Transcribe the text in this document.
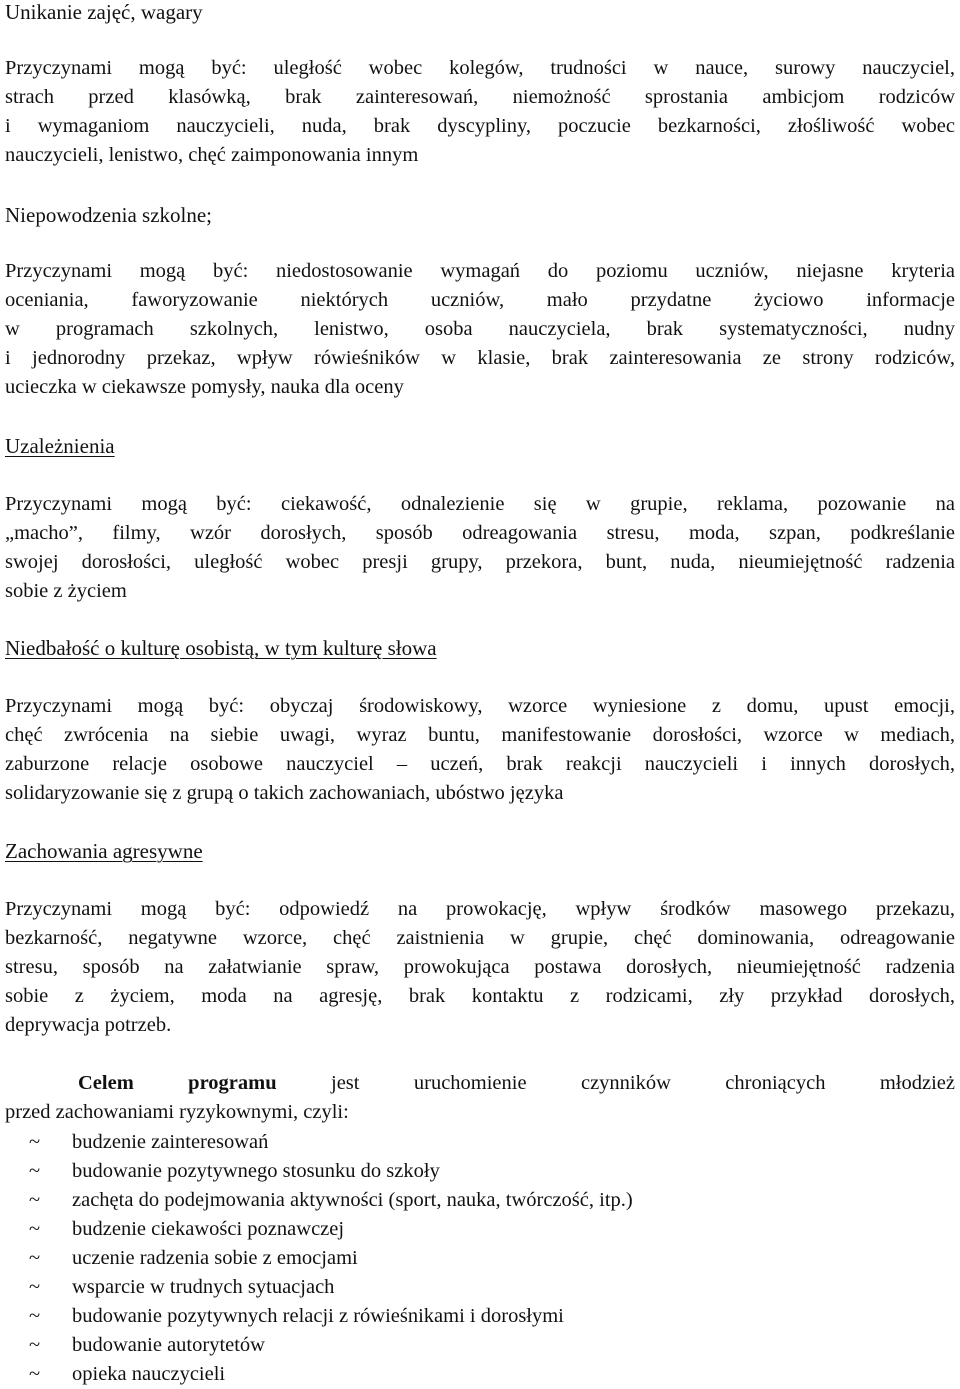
Unikanie zajęć, wagary
Przyczynami mogą być: uległość wobec kolegów, trudności w nauce, surowy nauczyciel,
strach przed klasówką, brak zainteresowań, niemożność sprostania ambicjom rodziców
i wymaganiom nauczycieli, nuda, brak dyscypliny, poczucie bezkarności, złośliwość wobec
nauczycieli, lenistwo, chęć zaimponowania innym
Niepowodzenia szkolne;
Przyczynami mogą być: niedostosowanie wymagań do poziomu uczniów, niejasne kryteria
oceniania, faworyzowanie niektórych uczniów, mało przydatne życiowo informacje
w programach szkolnych, lenistwo, osoba nauczyciela, brak systematyczności, nudny
i jednorodny przekaz, wpływ rówieśników w klasie, brak zainteresowania ze strony rodziców,
ucieczka w ciekawsze pomysły, nauka dla oceny
Uzależnienia
Przyczynami mogą być: ciekawość, odnalezienie się w grupie, reklama, pozowanie na
„macho”, filmy, wzór dorosłych, sposób odreagowania stresu, moda, szpan, podkreślanie
swojej dorosłości, uległość wobec presji grupy, przekora, bunt, nuda, nieumiejętność radzenia
sobie z życiem
Niedbałość o kulturę osobistą, w tym kulturę słowa
Przyczynami mogą być: obyczaj środowiskowy, wzorce wyniesione z domu, upust emocji,
chęć zwrócenia na siebie uwagi, wyraz buntu, manifestowanie dorosłości, wzorce w mediach,
zaburzone relacje osobowe nauczyciel – uczeń, brak reakcji nauczycieli i innych dorosłych,
solidaryzowanie się z grupą o takich zachowaniach, ubóstwo języka
Zachowania agresywne
Przyczynami mogą być: odpowiedź na prowokację, wpływ środków masowego przekazu,
bezkarność, negatywne wzorce, chęć zaistnienia w grupie, chęć dominowania, odreagowanie
stresu, sposób na załatwianie spraw, prowokująca postawa dorosłych, nieumiejętność radzenia
sobie z życiem, moda na agresję, brak kontaktu z rodzicami, zły przykład dorosłych,
deprywacja potrzeb.
Celem programu jest uruchomienie czynników chroniących młodzież
przed zachowaniami ryzykownymi, czyli:
~	budzenie zainteresowań
~	budowanie pozytywnego stosunku do szkoły
~	zachęta do podejmowania aktywności (sport, nauka, twórczość, itp.)
~	budzenie ciekawości poznawczej
~	uczenie radzenia sobie z emocjami
~	wsparcie w trudnych sytuacjach
~	budowanie pozytywnych relacji z rówieśnikami i dorosłymi
~	budowanie autorytetów
~	opieka nauczycieli
